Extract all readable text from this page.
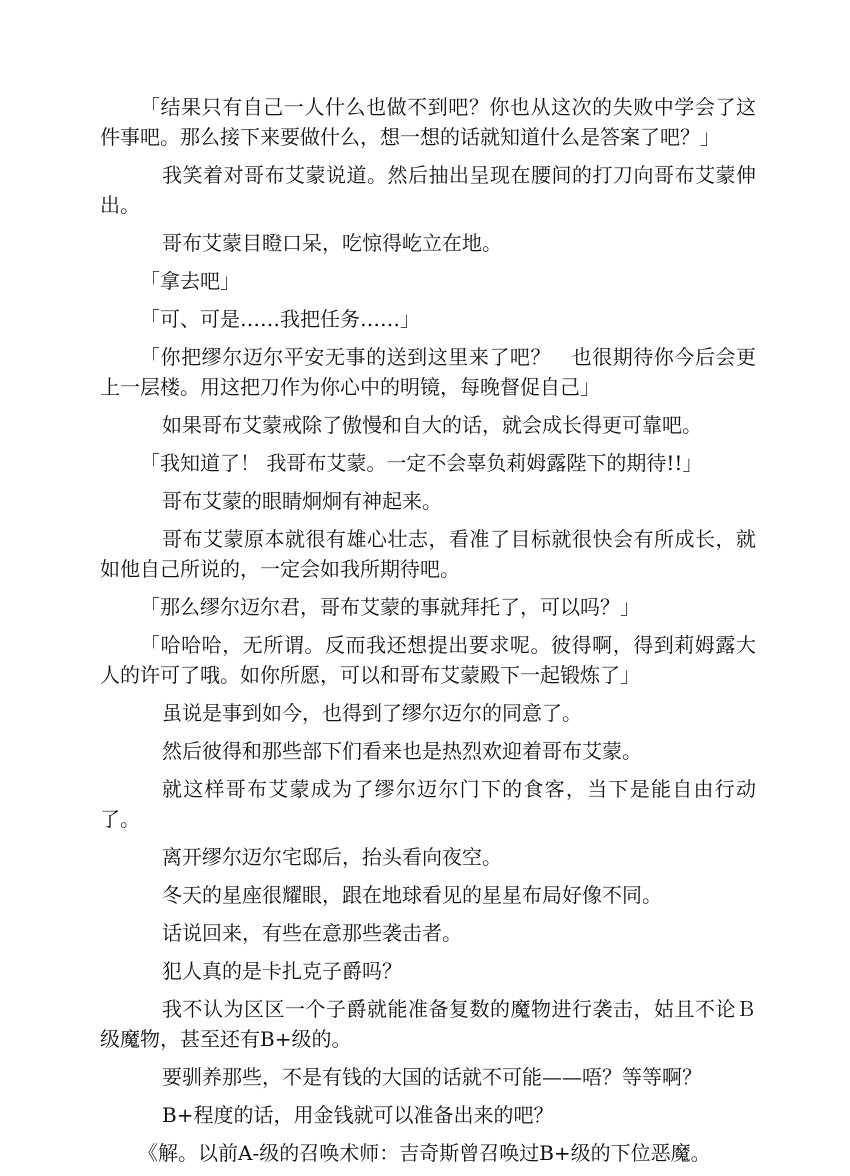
「结果只有自己一人什么也做不到吧？你也从这次的失败中学会了这件事吧。那么接下来要做什么，想一想的话就知道什么是答案了吧？」

我笑着对哥布艾蒙说道。然后抽出呈现在腰间的打刀向哥布艾蒙伸出。

哥布艾蒙目瞪口呆，吃惊得屹立在地。

「拿去吧」

「可、可是……我把任务……」

「你把缪尔迈尔平安无事的送到这里来了吧？　也很期待你今后会更上一层楼。用这把刀作为你心中的明镜，每晚督促自己」

如果哥布艾蒙戒除了傲慢和自大的话，就会成长得更可靠吧。

「我知道了！ 我哥布艾蒙。一定不会辜负莉姆露陛下的期待!!」

哥布艾蒙的眼睛炯炯有神起来。

哥布艾蒙原本就很有雄心壮志，看准了目标就很快会有所成长，就如他自己所说的，一定会如我所期待吧。

「那么缪尔迈尔君，哥布艾蒙的事就拜托了，可以吗？」

「哈哈哈，无所谓。反而我还想提出要求呢。彼得啊，得到莉姆露大人的许可了哦。如你所愿，可以和哥布艾蒙殿下一起锻炼了」

虽说是事到如今，也得到了缪尔迈尔的同意了。

然后彼得和那些部下们看来也是热烈欢迎着哥布艾蒙。

就这样哥布艾蒙成为了缪尔迈尔门下的食客，当下是能自由行动了。

离开缪尔迈尔宅邸后，抬头看向夜空。

冬天的星座很耀眼，跟在地球看见的星星布局好像不同。

话说回来，有些在意那些袭击者。

犯人真的是卡扎克子爵吗？

我不认为区区一个子爵就能准备复数的魔物进行袭击，姑且不论Ｂ级魔物，甚至还有B+级的。

要驯养那些，不是有钱的大国的话就不可能——唔？等等啊？

B+程度的话，用金钱就可以准备出来的吧？

《解。以前A-级的召唤术师：吉奇斯曾召唤过B+级的下位恶魔。
